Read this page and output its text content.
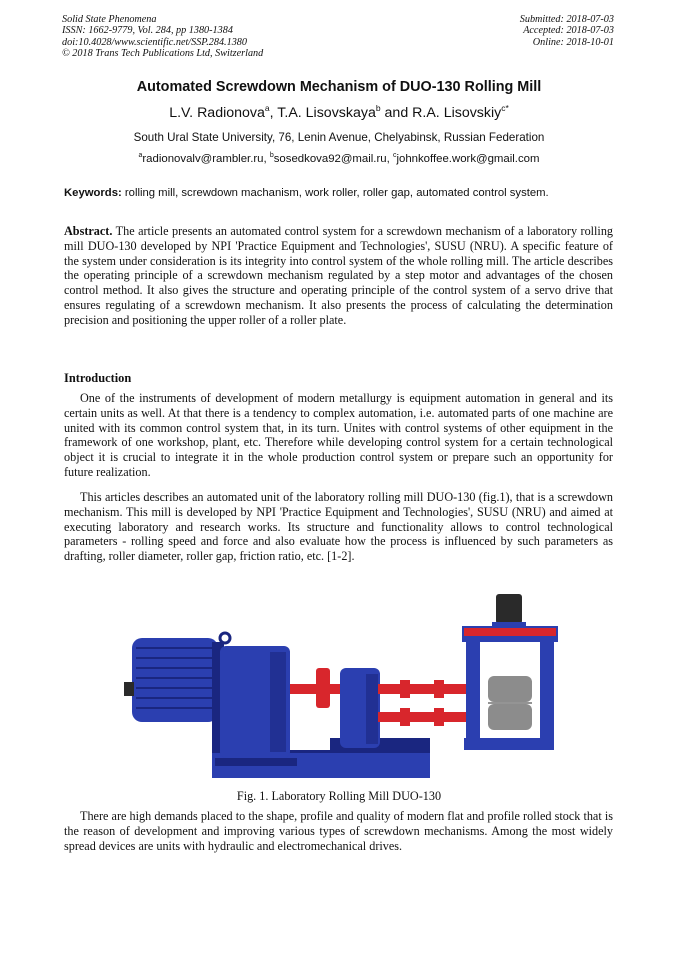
Solid State Phenomena
ISSN: 1662-9779, Vol. 284, pp 1380-1384
doi:10.4028/www.scientific.net/SSP.284.1380
© 2018 Trans Tech Publications Ltd, Switzerland
Submitted: 2018-07-03
Accepted: 2018-07-03
Online: 2018-10-01
Automated Screwdown Mechanism of DUO-130 Rolling Mill
L.V. Radionova$^a$, T.A. Lisovskaya$^b$ and R.A. Lisovskiy$^{c*}$
South Ural State University, 76, Lenin Avenue, Chelyabinsk, Russian Federation
$^a$radionovalv@rambler.ru, $^b$sosedkova92@mail.ru, $^c$johnkoffee.work@gmail.com
Keywords: rolling mill, screwdown machanism, work roller, roller gap, automated control system.
Abstract. The article presents an automated control system for a screwdown mechanism of a laboratory rolling mill DUO-130 developed by NPI 'Practice Equipment and Technologies', SUSU (NRU). A specific feature of the system under consideration is its integrity into control system of the whole rolling mill. The article describes the operating principle of a screwdown mechanism regulated by a step motor and advantages of the chosen control method. It also gives the structure and operating principle of the control system of a servo drive that ensures regulating of a screwdown mechanism. It also presents the process of calculating the determination precision and positioning the upper roller of a roller plate.
Introduction
One of the instruments of development of modern metallurgy is equipment automation in general and its certain units as well. At that there is a tendency to complex automation, i.e. automated parts of one machine are united with its common control system that, in its turn. Unites with control systems of other equipment in the framework of one workshop, plant, etc. Therefore while developing control system for a certain technological object it is crucial to integrate it in the whole production control system or prepare such an opportunity for future realization.
This articles describes an automated unit of the laboratory rolling mill DUO-130 (fig.1), that is a screwdown mechanism. This mill is developed by NPI 'Practice Equipment and Technologies', SUSU (NRU) and aimed at executing laboratory and research works. Its structure and functionality allows to control technological parameters - rolling speed and force and also evaluate how the process is influenced by such parameters as drafting, roller diameter, roller gap, friction ratio, etc. [1-2].
Fig. 1. Laboratory Rolling Mill DUO-130
There are high demands placed to the shape, profile and quality of modern flat and profile rolled stock that is the reason of development and improving various types of screwdown mechanisms. Among the most widely spread devices are units with hydraulic and electromechanical drives.
